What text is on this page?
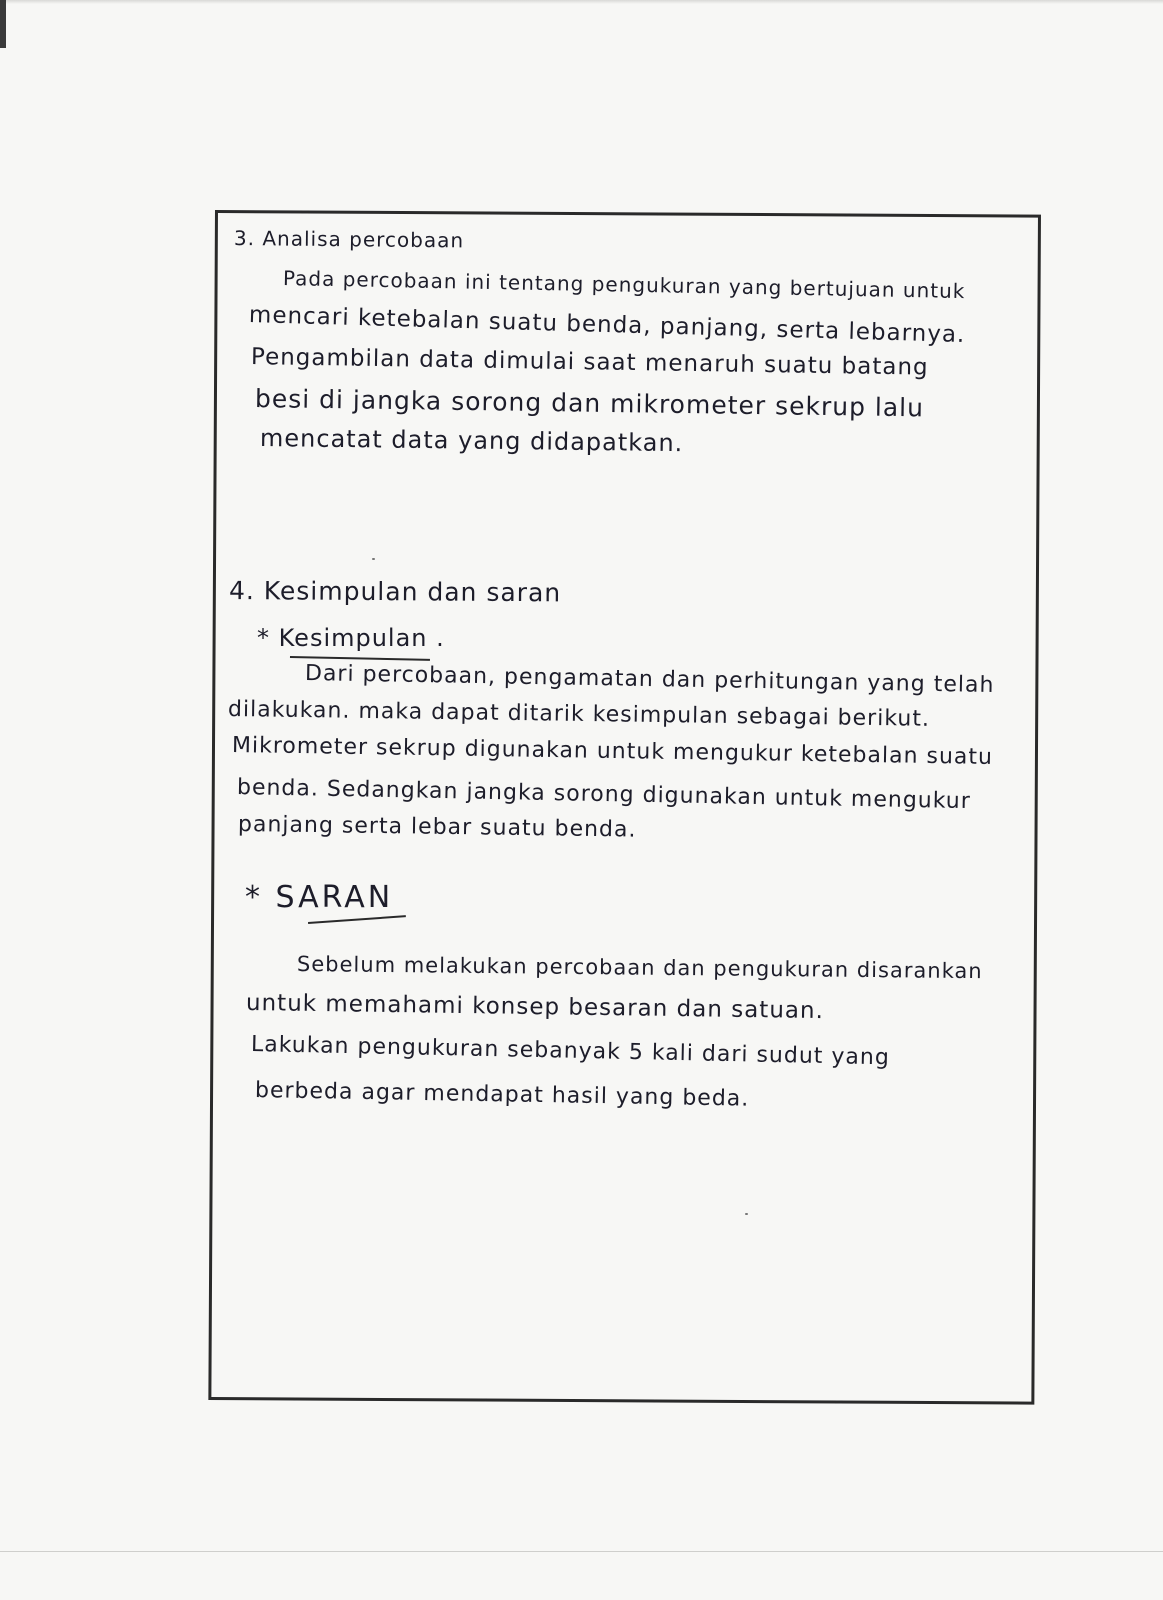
3. Analisa percobaan
Pada percobaan ini tentang pengukuran yang bertujuan untuk
mencari ketebalan suatu benda, panjang, serta lebarnya.
Pengambilan data dimulai saat menaruh suatu batang
besi di jangka sorong dan mikrometer sekrup lalu
mencatat data yang didapatkan.
4. Kesimpulan dan saran
* Kesimpulan .
Dari percobaan, pengamatan dan perhitungan yang telah
dilakukan. maka dapat ditarik kesimpulan sebagai berikut.
Mikrometer sekrup digunakan untuk mengukur ketebalan suatu
benda. Sedangkan jangka sorong digunakan untuk mengukur
panjang serta lebar suatu benda.
* SARAN
Sebelum melakukan percobaan dan pengukuran disarankan
untuk memahami konsep besaran dan satuan.
Lakukan pengukuran sebanyak 5 kali dari sudut yang
berbeda agar mendapat hasil yang beda.
